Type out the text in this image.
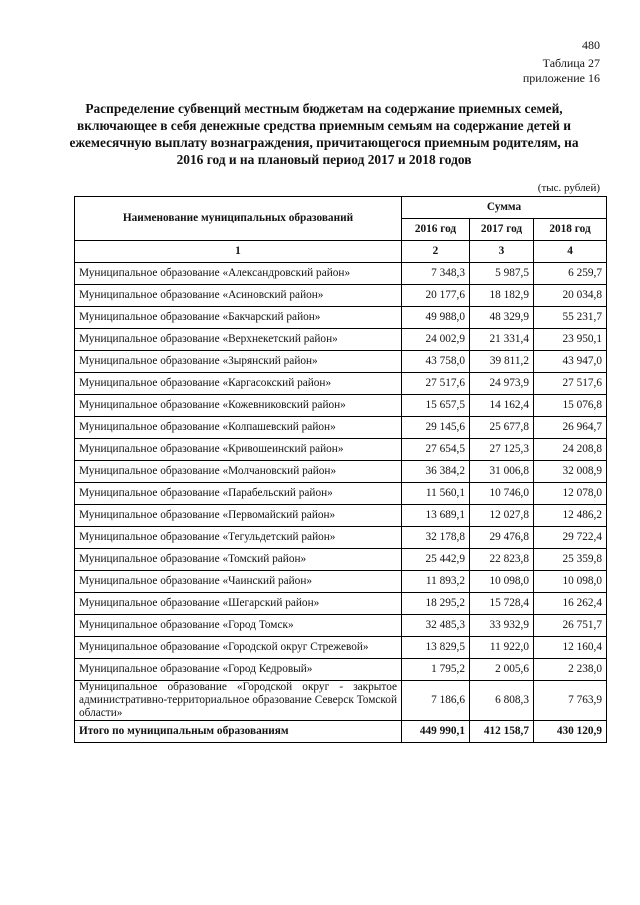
480
Таблица 27
приложение 16
Распределение субвенций местным бюджетам на содержание приемных семей, включающее в себя денежные средства приемным семьям на содержание детей и ежемесячную выплату вознаграждения, причитающегося приемным родителям, на 2016 год и на плановый период 2017 и 2018 годов
(тыс. рублей)
Наименование муниципальных образований	Сумма		
	2016 год	2017 год	2018 год
1	2	3	4
Муниципальное образование «Александровский район»	7 348,3	5 987,5	6 259,7
Муниципальное образование «Асиновский район»	20 177,6	18 182,9	20 034,8
Муниципальное образование «Бакчарский район»	49 988,0	48 329,9	55 231,7
Муниципальное образование «Верхнекетский район»	24 002,9	21 331,4	23 950,1
Муниципальное образование «Зырянский район»	43 758,0	39 811,2	43 947,0
Муниципальное образование «Каргасокский район»	27 517,6	24 973,9	27 517,6
Муниципальное образование «Кожевниковский район»	15 657,5	14 162,4	15 076,8
Муниципальное образование «Колпашевский район»	29 145,6	25 677,8	26 964,7
Муниципальное образование «Кривошеинский район»	27 654,5	27 125,3	24 208,8
Муниципальное образование «Молчановский район»	36 384,2	31 006,8	32 008,9
Муниципальное образование «Парабельский район»	11 560,1	10 746,0	12 078,0
Муниципальное образование «Первомайский район»	13 689,1	12 027,8	12 486,2
Муниципальное образование «Тегульдетский район»	32 178,8	29 476,8	29 722,4
Муниципальное образование «Томский район»	25 442,9	22 823,8	25 359,8
Муниципальное образование «Чаинский район»	11 893,2	10 098,0	10 098,0
Муниципальное образование «Шегарский район»	18 295,2	15 728,4	16 262,4
Муниципальное образование «Город Томск»	32 485,3	33 932,9	26 751,7
Муниципальное образование «Городской округ Стрежевой»	13 829,5	11 922,0	12 160,4
Муниципальное образование «Город Кедровый»	1 795,2	2 005,6	2 238,0
Муниципальное образование «Городской округ - закрытое административно-территориальное образование Северск Томской области»	7 186,6	6 808,3	7 763,9
Итого по муниципальным образованиям	449 990,1	412 158,7	430 120,9
